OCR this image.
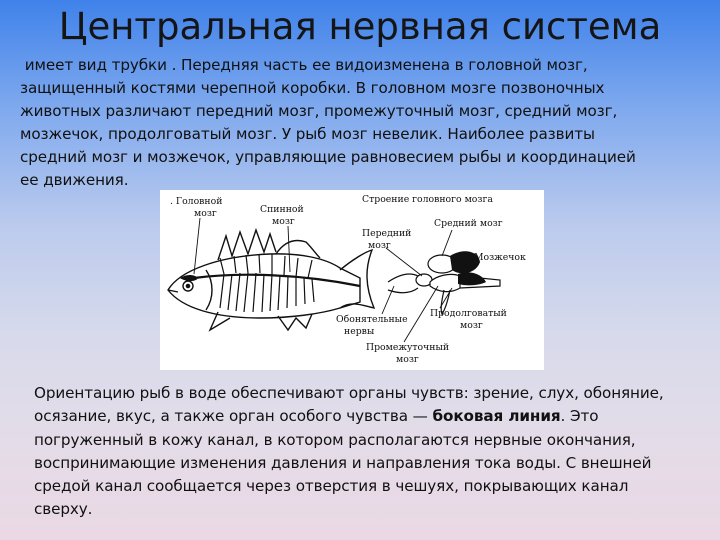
Центральная нервная система
имеет вид трубки . Передняя часть ее видоизменена в головной мозг,
защищенный костями черепной коробки. В головном мозге позвоночных
животных различают передний мозг, промежуточный мозг, средний мозг,
мозжечок, продолговатый мозг. У рыб мозг невелик. Наиболее развиты
средний мозг и мозжечок, управляющие равновесием рыбы и координацией
ее движения.
. Головной
мозг	Спинной
мозг
Строение головного мозга
Средний мозг
Передний
мозг
Мозжечок
Обонятельные
нервы
Продолговатый
мозг
Промежуточный
мозг
Ориентацию рыб в воде обеспечивают органы чувств: зрение, слух, обоняние,
осязание, вкус, а также орган особого чувства — боковая линия. Это
погруженный в кожу канал, в котором располагаются нервные окончания,
воспринимающие изменения давления и направления тока воды. С внешней
средой канал сообщается через отверстия в чешуях, покрывающих канал
сверху.
